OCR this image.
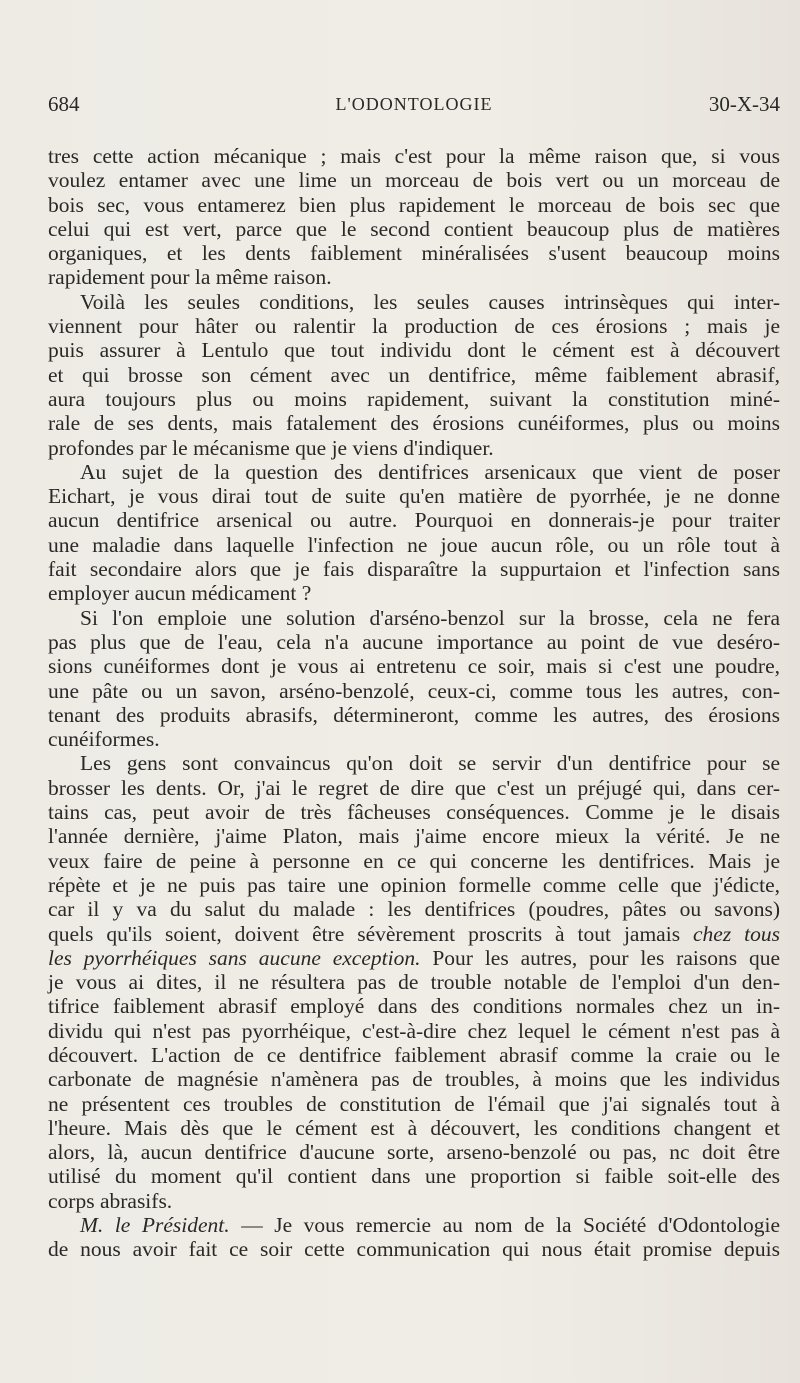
684	L'ODONTOLOGIE	30-X-34

tres cette action mécanique ; mais c'est pour la même raison que, si vous
voulez entamer avec une lime un morceau de bois vert ou un morceau de
bois sec, vous entamerez bien plus rapidement le morceau de bois sec que
celui qui est vert, parce que le second contient beaucoup plus de matières
organiques, et les dents faiblement minéralisées s'usent beaucoup moins
rapidement pour la même raison.

Voilà les seules conditions, les seules causes intrinsèques qui inter-
viennent pour hâter ou ralentir la production de ces érosions ; mais je
puis assurer à Lentulo que tout individu dont le cément est à découvert
et qui brosse son cément avec un dentifrice, même faiblement abrasif,
aura toujours plus ou moins rapidement, suivant la constitution miné-
rale de ses dents, mais fatalement des érosions cunéiformes, plus ou moins
profondes par le mécanisme que je viens d'indiquer.

Au sujet de la question des dentifrices arsenicaux que vient de poser
Eichart, je vous dirai tout de suite qu'en matière de pyorrhée, je ne donne
aucun dentifrice arsenical ou autre. Pourquoi en donnerais-je pour traiter
une maladie dans laquelle l'infection ne joue aucun rôle, ou un rôle tout à
fait secondaire alors que je fais disparaître la suppurtaion et l'infection sans
employer aucun médicament ?

Si l'on emploie une solution d'arséno-benzol sur la brosse, cela ne fera
pas plus que de l'eau, cela n'a aucune importance au point de vue deséro-
sions cunéiformes dont je vous ai entretenu ce soir, mais si c'est une poudre,
une pâte ou un savon, arséno-benzolé, ceux-ci, comme tous les autres, con-
tenant des produits abrasifs, détermineront, comme les autres, des érosions
cunéiformes.

Les gens sont convaincus qu'on doit se servir d'un dentifrice pour se
brosser les dents. Or, j'ai le regret de dire que c'est un préjugé qui, dans cer-
tains cas, peut avoir de très fâcheuses conséquences. Comme je le disais
l'année dernière, j'aime Platon, mais j'aime encore mieux la vérité. Je ne
veux faire de peine à personne en ce qui concerne les dentifrices. Mais je
répète et je ne puis pas taire une opinion formelle comme celle que j'édicte,
car il y va du salut du malade : les dentifrices (poudres, pâtes ou savons)
quels qu'ils soient, doivent être sévèrement proscrits à tout jamais chez tous
les pyorrhéiques sans aucune exception. Pour les autres, pour les raisons que
je vous ai dites, il ne résultera pas de trouble notable de l'emploi d'un den-
tifrice faiblement abrasif employé dans des conditions normales chez un in-
dividu qui n'est pas pyorrhéique, c'est-à-dire chez lequel le cément n'est pas à
découvert. L'action de ce dentifrice faiblement abrasif comme la craie ou le
carbonate de magnésie n'amènera pas de troubles, à moins que les individus
ne présentent ces troubles de constitution de l'émail que j'ai signalés tout à
l'heure. Mais dès que le cément est à découvert, les conditions changent et
alors, là, aucun dentifrice d'aucune sorte, arseno-benzolé ou pas, nc doit être
utilisé du moment qu'il contient dans une proportion si faible soit-elle des
corps abrasifs.

M. le Président. — Je vous remercie au nom de la Société d'Odontologie
de nous avoir fait ce soir cette communication qui nous était promise depuis
